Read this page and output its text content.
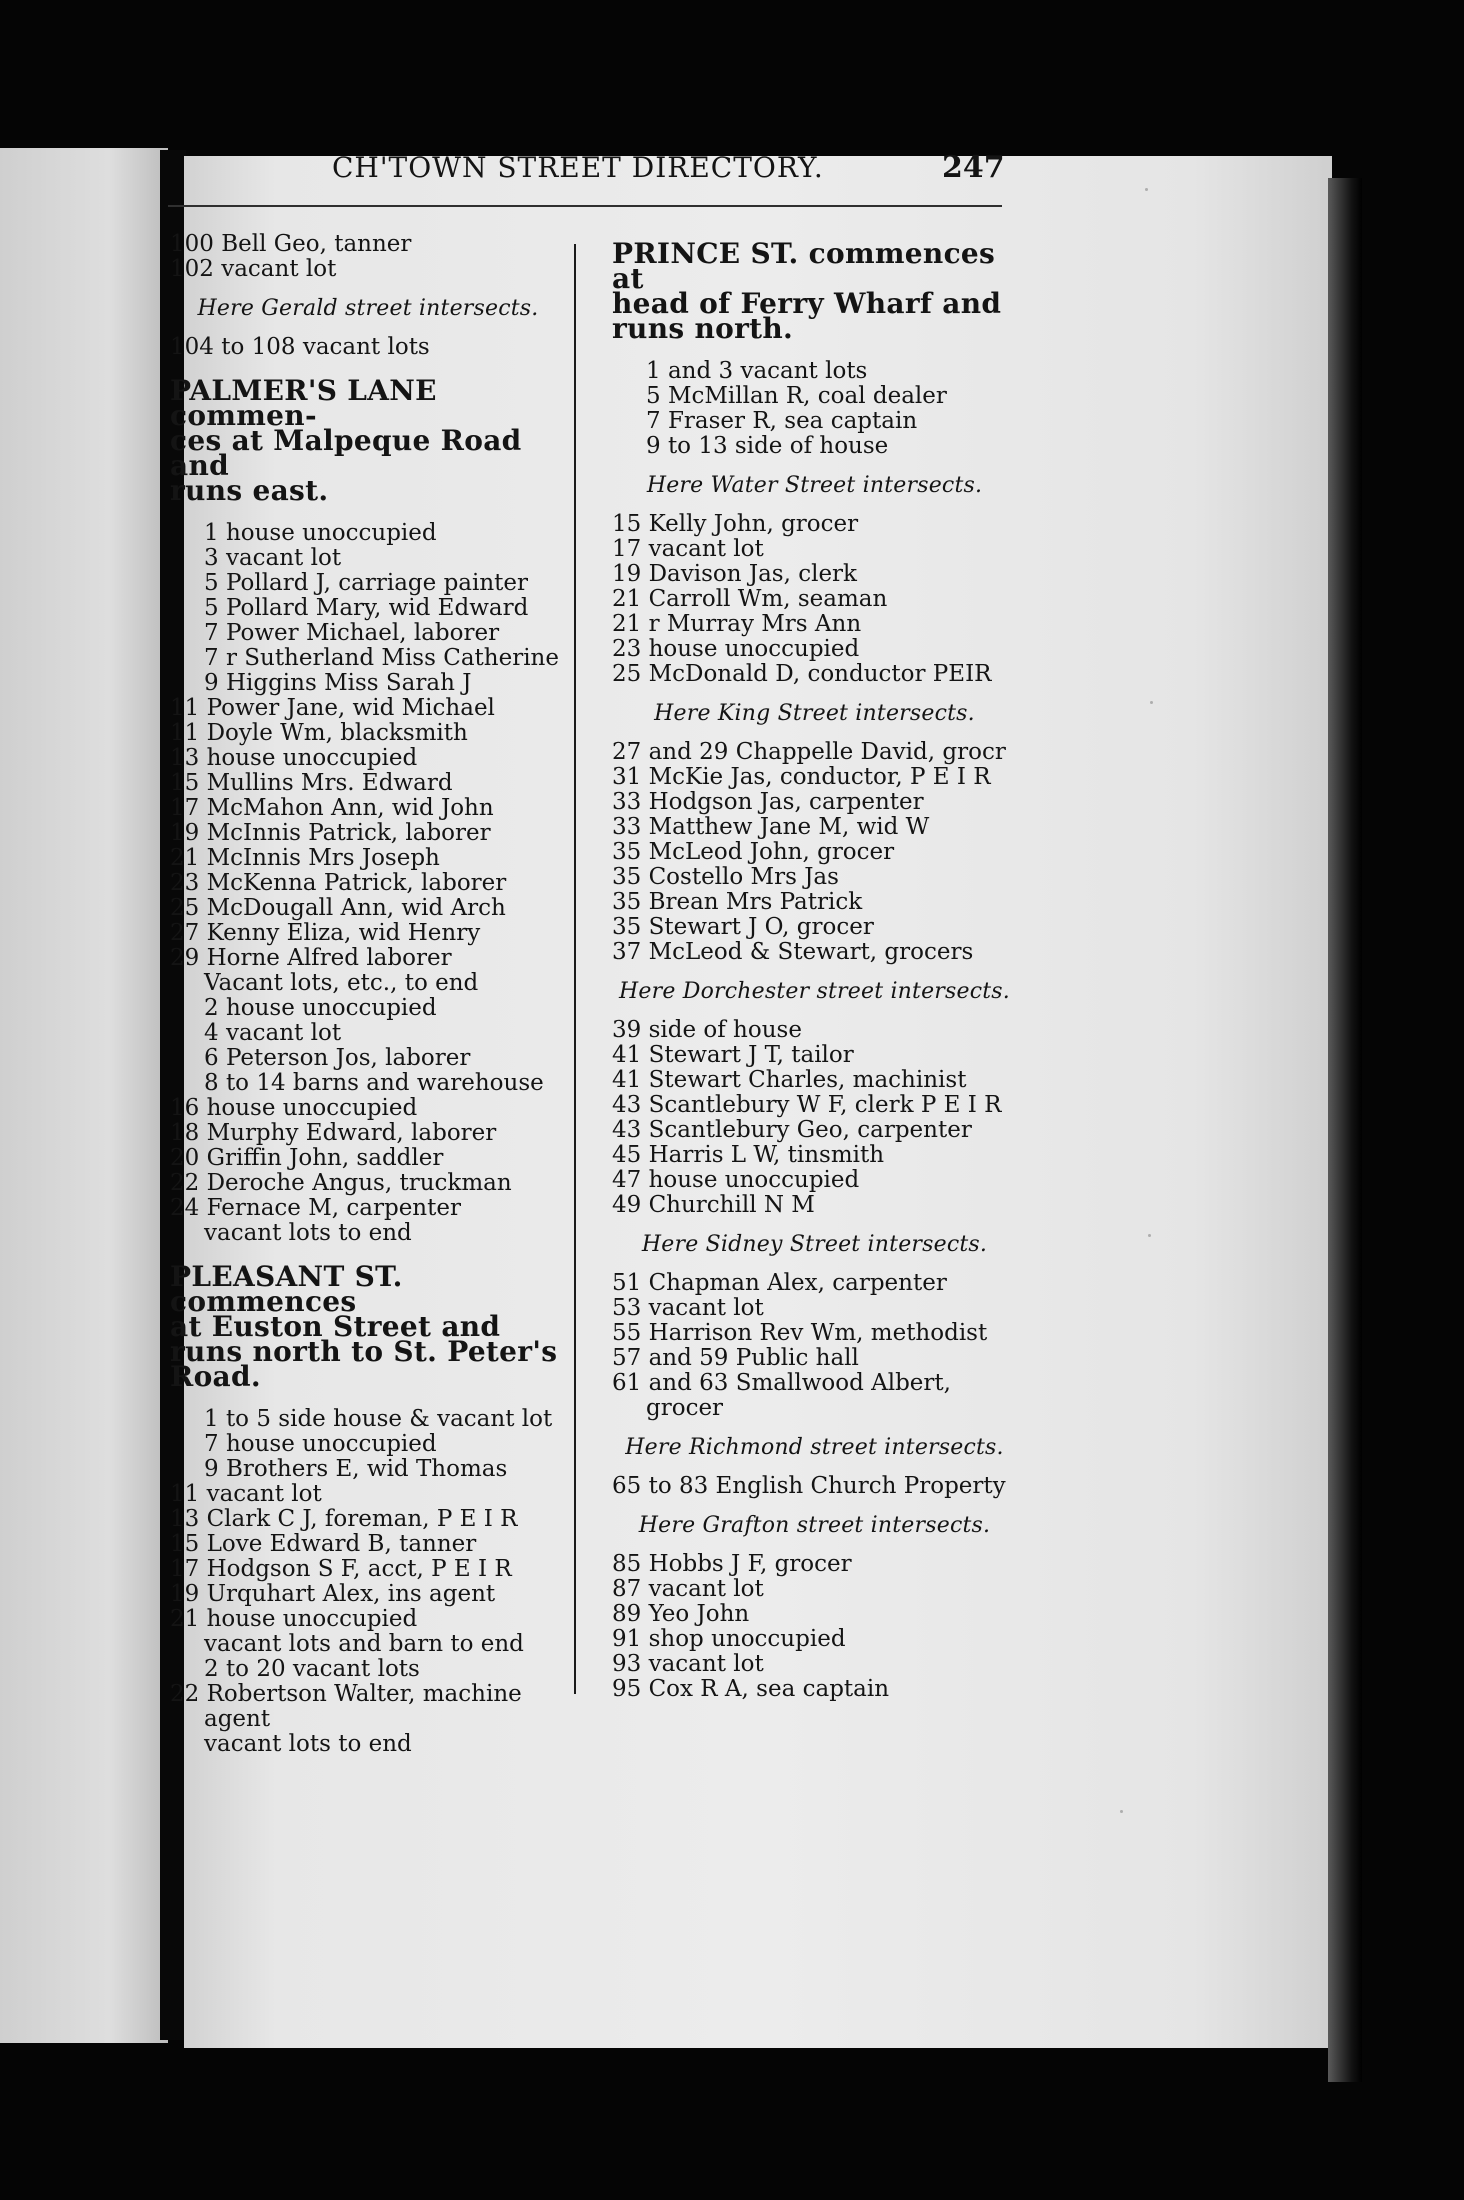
CH'TOWN STREET DIRECTORY.	247
100 Bell Geo, tanner
102 vacant lot
Here Gerald street intersects.
104 to 108 vacant lots
PALMER'S LANE commen-
ces at Malpeque Road and
runs east.
1 house unoccupied
3 vacant lot
5 Pollard J, carriage painter
5 Pollard Mary, wid Edward
7 Power Michael, laborer
7 r Sutherland Miss Catherine
9 Higgins Miss Sarah J
11 Power Jane, wid Michael
11 Doyle Wm, blacksmith
13 house unoccupied
15 Mullins Mrs. Edward
17 McMahon Ann, wid John
19 McInnis Patrick, laborer
21 McInnis Mrs Joseph
23 McKenna Patrick, laborer
25 McDougall Ann, wid Arch
27 Kenny Eliza, wid Henry
29 Horne Alfred laborer
Vacant lots, etc., to end
2 house unoccupied
4 vacant lot
6 Peterson Jos, laborer
8 to 14 barns and warehouse
16 house unoccupied
18 Murphy Edward, laborer
20 Griffin John, saddler
22 Deroche Angus, truckman
24 Fernace M, carpenter
vacant lots to end
PLEASANT ST. commences
at Euston Street and
runs north to St. Peter's
Road.
1 to 5 side house & vacant lot
7 house unoccupied
9 Brothers E, wid Thomas
11 vacant lot
13 Clark C J, foreman, P E I R
15 Love Edward B, tanner
17 Hodgson S F, acct, P E I R
19 Urquhart Alex, ins agent
21 house unoccupied
vacant lots and barn to end
2 to 20 vacant lots
22 Robertson Walter, machine
agent
vacant lots to end
PRINCE ST. commences at
head of Ferry Wharf and
runs north.
1 and 3 vacant lots
5 McMillan R, coal dealer
7 Fraser R, sea captain
9 to 13 side of house
Here Water Street intersects.
15 Kelly John, grocer
17 vacant lot
19 Davison Jas, clerk
21 Carroll Wm, seaman
21 r Murray Mrs Ann
23 house unoccupied
25 McDonald D, conductor PEIR
Here King Street intersects.
27 and 29 Chappelle David, grocr
31 McKie Jas, conductor, P E I R
33 Hodgson Jas, carpenter
33 Matthew Jane M, wid W
35 McLeod John, grocer
35 Costello Mrs Jas
35 Brean Mrs Patrick
35 Stewart J O, grocer
37 McLeod & Stewart, grocers
Here Dorchester street intersects.
39 side of house
41 Stewart J T, tailor
41 Stewart Charles, machinist
43 Scantlebury W F, clerk P E I R
43 Scantlebury Geo, carpenter
45 Harris L W, tinsmith
47 house unoccupied
49 Churchill N M
Here Sidney Street intersects.
51 Chapman Alex, carpenter
53 vacant lot
55 Harrison Rev Wm, methodist
57 and 59 Public hall
61 and 63 Smallwood Albert,
grocer
Here Richmond street intersects.
65 to 83 English Church Property
Here Grafton street intersects.
85 Hobbs J F, grocer
87 vacant lot
89 Yeo John
91 shop unoccupied
93 vacant lot
95 Cox R A, sea captain
